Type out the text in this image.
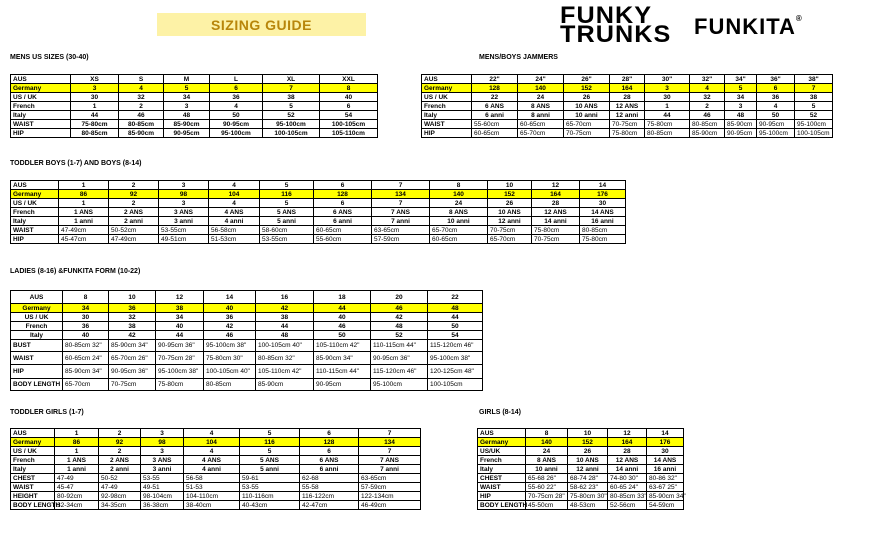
SIZING GUIDE	FUNKY
TRUNKS FUNKITA®
MENS US SIZES (30-40)
AUS	XS	S	M	L	XL	XXL
Germany	3	4	5	6	7	8
US / UK	30	32	34	36	38	40
French	1	2	3	4	5	6
Italy	44	46	48	50	52	54
WAIST	75-80cm	80-85cm	85-90cm	90-95cm	95-100cm	100-105cm
HIP	80-85cm	85-90cm	90-95cm	95-100cm	100-105cm	105-110cm
MENS/BOYS JAMMERS
AUS	22"	24"	26"	28"	30"	32"	34"	36"	38"
Germany	128	140	152	164	3	4	5	6	7
US / UK	22	24	26	28	30	32	34	36	38
French	6 ANS	8 ANS	10 ANS	12 ANS	1	2	3	4	5
Italy	6 anni	8 anni	10 anni	12 anni	44	46	48	50	52
WAIST	55-60cm	60-65cm	65-70cm	70-75cm	75-80cm	80-85cm	85-90cm	90-95cm	95-100cm
HIP	60-65cm	65-70cm	70-75cm	75-80cm	80-85cm	85-90cm	90-95cm	95-100cm	100-105cm
TODDLER BOYS (1-7) AND BOYS (8-14)
AUS	1	2	3	4	5	6	7	8	10	12	14
Germany	86	92	98	104	116	128	134	140	152	164	176
US / UK	1	2	3	4	5	6	7	24	26	28	30
French	1 ANS	2 ANS	3 ANS	4 ANS	5 ANS	6 ANS	7 ANS	8 ANS	10 ANS	12 ANS	14 ANS
Italy	1 anni	2 anni	3 anni	4 anni	5 anni	6 anni	7 anni	10 anni	12 anni	14 anni	16 anni
WAIST	47-49cm	50-52cm	53-55cm	56-58cm	58-60cm	60-65cm	63-65cm	65-70cm	70-75cm	75-80cm	80-85cm
HIP	45-47cm	47-49cm	49-51cm	51-53cm	53-55cm	55-60cm	57-59cm	60-65cm	65-70cm	70-75cm	75-80cm
LADIES (8-16) &FUNKITA FORM (10-22)
AUS	8	10	12	14	16	18	20	22
Germany	34	36	38	40	42	44	46	48
US / UK	30	32	34	36	38	40	42	44
French	36	38	40	42	44	46	48	50
Italy	40	42	44	46	48	50	52	54
BUST	80-85cm 32"	85-90cm 34"	90-95cm 36"	95-100cm 38"	100-105cm 40"	105-110cm 42"	110-115cm 44"	115-120cm 46"
WAIST	60-65cm 24"	65-70cm 26"	70-75cm 28"	75-80cm 30"	80-85cm 32"	85-90cm 34"	90-95cm 36"	95-100cm 38"
HIP	85-90cm 34"	90-95cm 36"	95-100cm 38"	100-105cm 40"	105-110cm 42"	110-115cm 44"	115-120cm 46"	120-125cm 48"
BODY LENGTH	65-70cm	70-75cm	75-80cm	80-85cm	85-90cm	90-95cm	95-100cm	100-105cm
TODDLER GIRLS (1-7)
AUS	1	2	3	4	5	6	7
Germany	86	92	98	104	116	128	134
US / UK	1	2	3	4	5	6	7
French	1 ANS	2 ANS	3 ANS	4 ANS	5 ANS	6 ANS	7 ANS
Italy	1 anni	2 anni	3 anni	4 anni	5 anni	6 anni	7 anni
CHEST	47-49	50-52	53-55	56-58	59-61	62-68	63-65cm
WAIST	45-47	47-49	49-51	51-53	53-55	55-58	57-59cm
HEIGHT	80-92cm	92-98cm	98-104cm	104-110cm	110-116cm	116-122cm	122-134cm
BODY LENGTH	32-34cm	34-35cm	36-38cm	38-40cm	40-43cm	42-47cm	46-49cm
GIRLS (8-14)
AUS	8	10	12	14
Germany	140	152	164	176
US/UK	24	26	28	30
French	8 ANS	10 ANS	12 ANS	14 ANS
Italy	10 anni	12 anni	14 anni	16 anni
CHEST	65-68 26"	68-74 28"	74-80 30"	80-86 32"
WAIST	55-60 22"	58-62 23"	60-65 24"	63-67 25"
HIP	70-75cm 28"	75-80cm 30"	80-85cm 33"	85-90cm 34"
BODY LENGTH	45-50cm	48-53cm	52-56cm	54-59cm
